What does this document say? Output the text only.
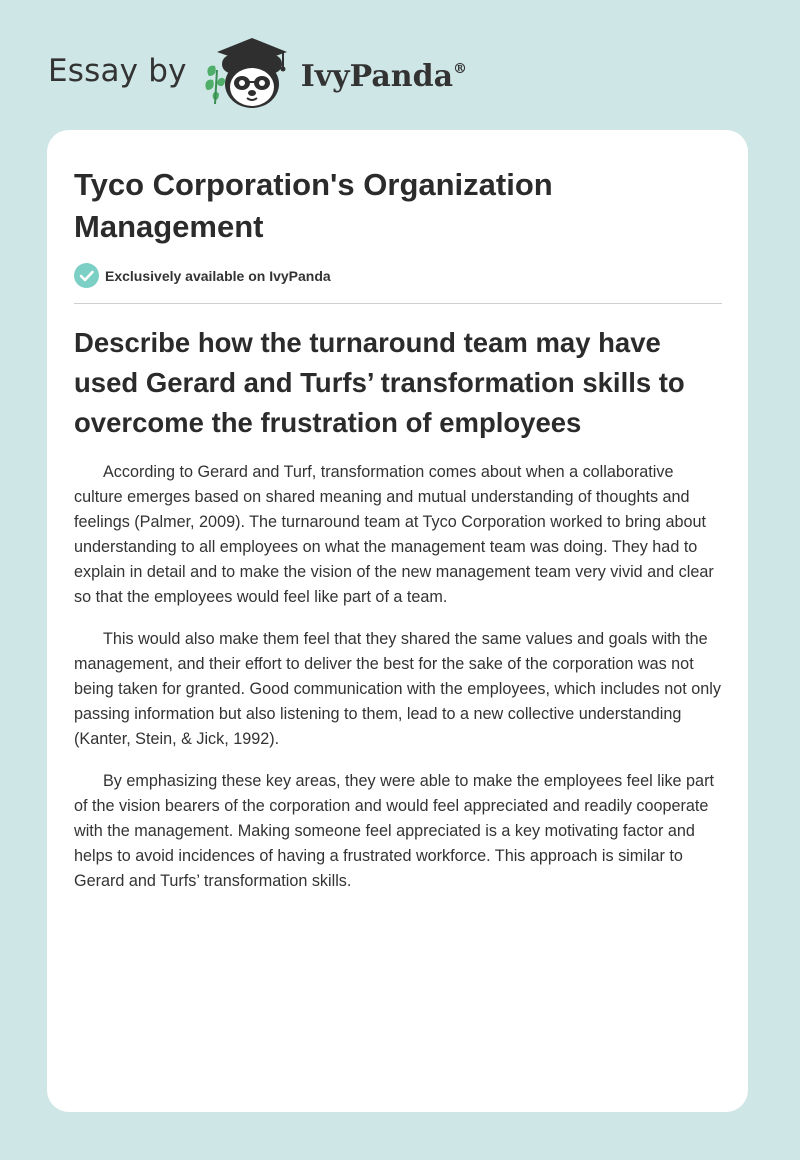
Essay by	IvyPanda®
Tyco Corporation's Organization Management
Exclusively available on IvyPanda
Describe how the turnaround team may have used Gerard and Turfs’ transformation skills to overcome the frustration of employees

According to Gerard and Turf, transformation comes about when a collaborative culture emerges based on shared meaning and mutual understanding of thoughts and feelings (Palmer, 2009). The turnaround team at Tyco Corporation worked to bring about understanding to all employees on what the management team was doing. They had to explain in detail and to make the vision of the new management team very vivid and clear so that the employees would feel like part of a team.

This would also make them feel that they shared the same values and goals with the management, and their effort to deliver the best for the sake of the corporation was not being taken for granted. Good communication with the employees, which includes not only passing information but also listening to them, lead to a new collective understanding (Kanter, Stein, & Jick, 1992).

By emphasizing these key areas, they were able to make the employees feel like part of the vision bearers of the corporation and would feel appreciated and readily cooperate with the management. Making someone feel appreciated is a key motivating factor and helps to avoid incidences of having a frustrated workforce. This approach is similar to Gerard and Turfs’ transformation skills.
